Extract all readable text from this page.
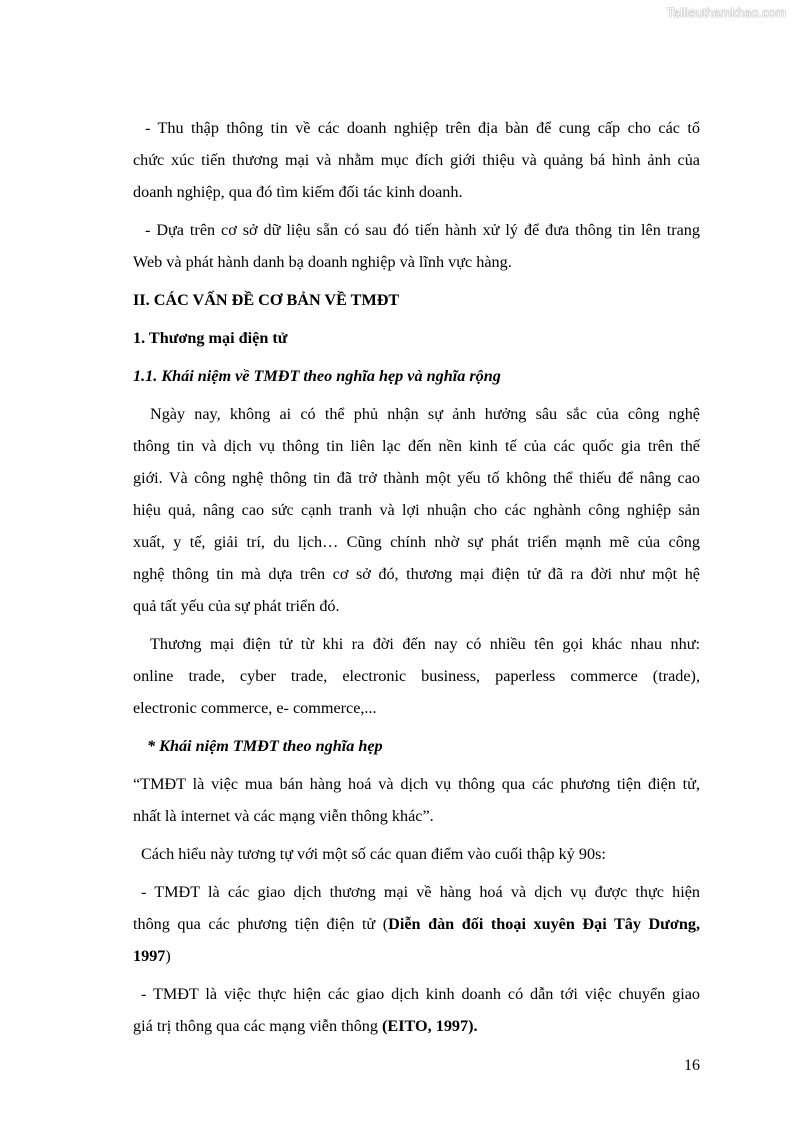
Tailieuthamkhao.com

- Thu thập thông tin về các doanh nghiệp trên địa bàn để cung cấp cho các tổ

chức xúc tiến thương mại và nhằm mục đích giới thiệu và quảng bá hình ảnh của

doanh nghiệp, qua đó tìm kiếm đối tác kinh doanh.

- Dựa trên cơ sở dữ liệu sẵn có sau đó tiến hành xử lý để đưa thông tin lên trang

Web và phát hành danh bạ doanh nghiệp và lĩnh vực hàng.

II. CÁC VẤN ĐỀ CƠ BẢN VỀ TMĐT

1. Thương mại điện tử

1.1. Khái niệm về TMĐT theo nghĩa hẹp và nghĩa rộng

Ngày nay, không ai có thể phủ nhận sự ảnh hưởng sâu sắc của công nghệ

thông tin và dịch vụ thông tin liên lạc đến nền kinh tế của các quốc gia trên thế

giới. Và công nghệ thông tin đã trở thành một yếu tố không thể thiếu để nâng cao

hiệu quả, nâng cao sức cạnh tranh và lợi nhuận cho các nghành công nghiệp sản

xuất, y tế, giải trí, du lịch… Cũng chính nhờ sự phát triển mạnh mẽ của công

nghệ thông tin mà dựa trên cơ sở đó, thương mại điện tử đã ra đời như một hệ

quả tất yếu của sự phát triển đó.

Thương mại điện tử từ khi ra đời đến nay có nhiều tên gọi khác nhau như:

online trade, cyber trade, electronic business, paperless commerce (trade),

electronic commerce, e- commerce,...

* Khái niệm TMĐT theo nghĩa hẹp

“TMĐT là việc mua bán hàng hoá và dịch vụ thông qua các phương tiện điện tử,

nhất là internet và các mạng viễn thông khác”.

Cách hiểu này tương tự với một số các quan điểm vào cuối thập kỷ 90s:

- TMĐT là các giao dịch thương mại về hàng hoá và dịch vụ được thực hiện

thông qua các phương tiện điện tử (Diễn đàn đối thoại xuyên Đại Tây Dương,

1997)

- TMĐT là việc thực hiện các giao dịch kinh doanh có dẫn tới việc chuyển giao

giá trị thông qua các mạng viễn thông (EITO, 1997).

16
